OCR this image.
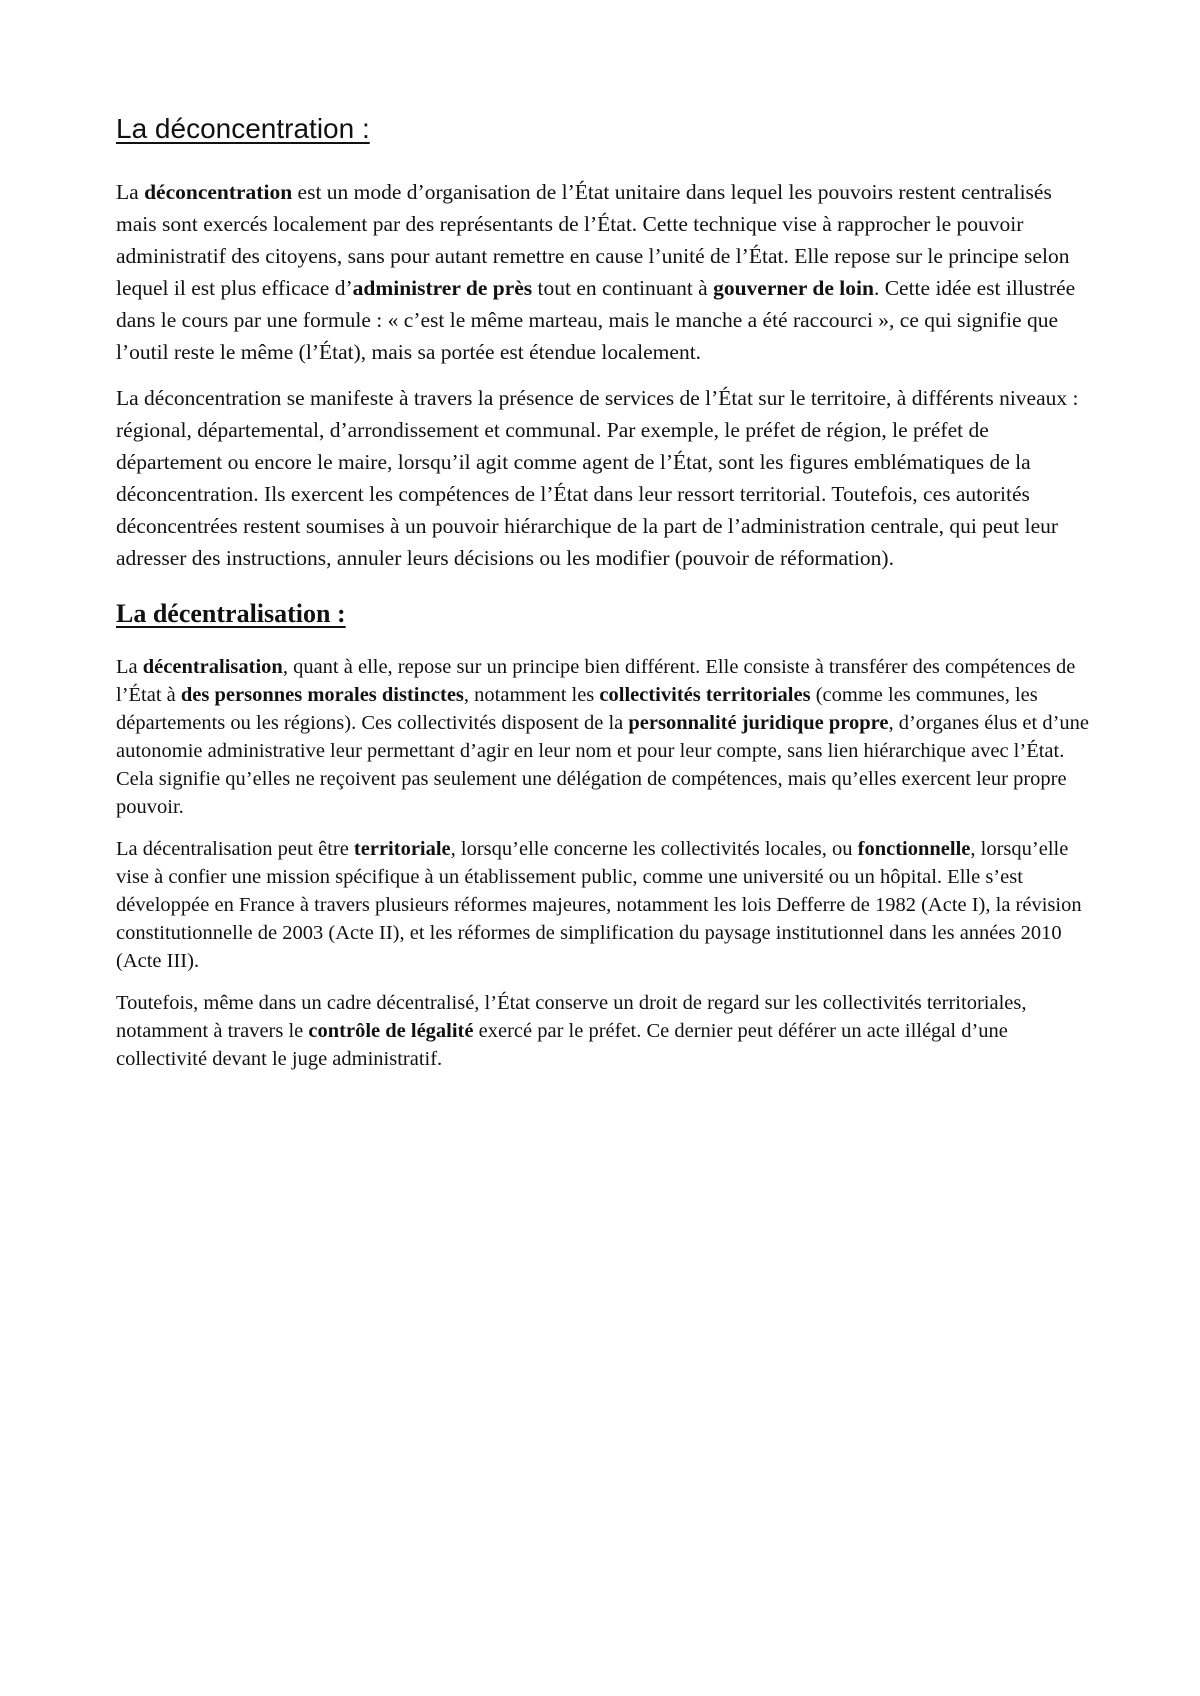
La déconcentration :

La déconcentration est un mode d’organisation de l’État unitaire dans lequel les pouvoirs restent centralisés mais sont exercés localement par des représentants de l’État. Cette technique vise à rapprocher le pouvoir administratif des citoyens, sans pour autant remettre en cause l’unité de l’État. Elle repose sur le principe selon lequel il est plus efficace d’administrer de près tout en continuant à gouverner de loin. Cette idée est illustrée dans le cours par une formule : « c’est le même marteau, mais le manche a été raccourci », ce qui signifie que l’outil reste le même (l’État), mais sa portée est étendue localement.

La déconcentration se manifeste à travers la présence de services de l’État sur le territoire, à différents niveaux : régional, départemental, d’arrondissement et communal. Par exemple, le préfet de région, le préfet de département ou encore le maire, lorsqu’il agit comme agent de l’État, sont les figures emblématiques de la déconcentration. Ils exercent les compétences de l’État dans leur ressort territorial. Toutefois, ces autorités déconcentrées restent soumises à un pouvoir hiérarchique de la part de l’administration centrale, qui peut leur adresser des instructions, annuler leurs décisions ou les modifier (pouvoir de réformation).

La décentralisation :

La décentralisation, quant à elle, repose sur un principe bien différent. Elle consiste à transférer des compétences de l’État à des personnes morales distinctes, notamment les collectivités territoriales (comme les communes, les départements ou les régions). Ces collectivités disposent de la personnalité juridique propre, d’organes élus et d’une autonomie administrative leur permettant d’agir en leur nom et pour leur compte, sans lien hiérarchique avec l’État. Cela signifie qu’elles ne reçoivent pas seulement une délégation de compétences, mais qu’elles exercent leur propre pouvoir.

La décentralisation peut être territoriale, lorsqu’elle concerne les collectivités locales, ou fonctionnelle, lorsqu’elle vise à confier une mission spécifique à un établissement public, comme une université ou un hôpital. Elle s’est développée en France à travers plusieurs réformes majeures, notamment les lois Defferre de 1982 (Acte I), la révision constitutionnelle de 2003 (Acte II), et les réformes de simplification du paysage institutionnel dans les années 2010 (Acte III).

Toutefois, même dans un cadre décentralisé, l’État conserve un droit de regard sur les collectivités territoriales, notamment à travers le contrôle de légalité exercé par le préfet. Ce dernier peut déférer un acte illégal d’une collectivité devant le juge administratif.
